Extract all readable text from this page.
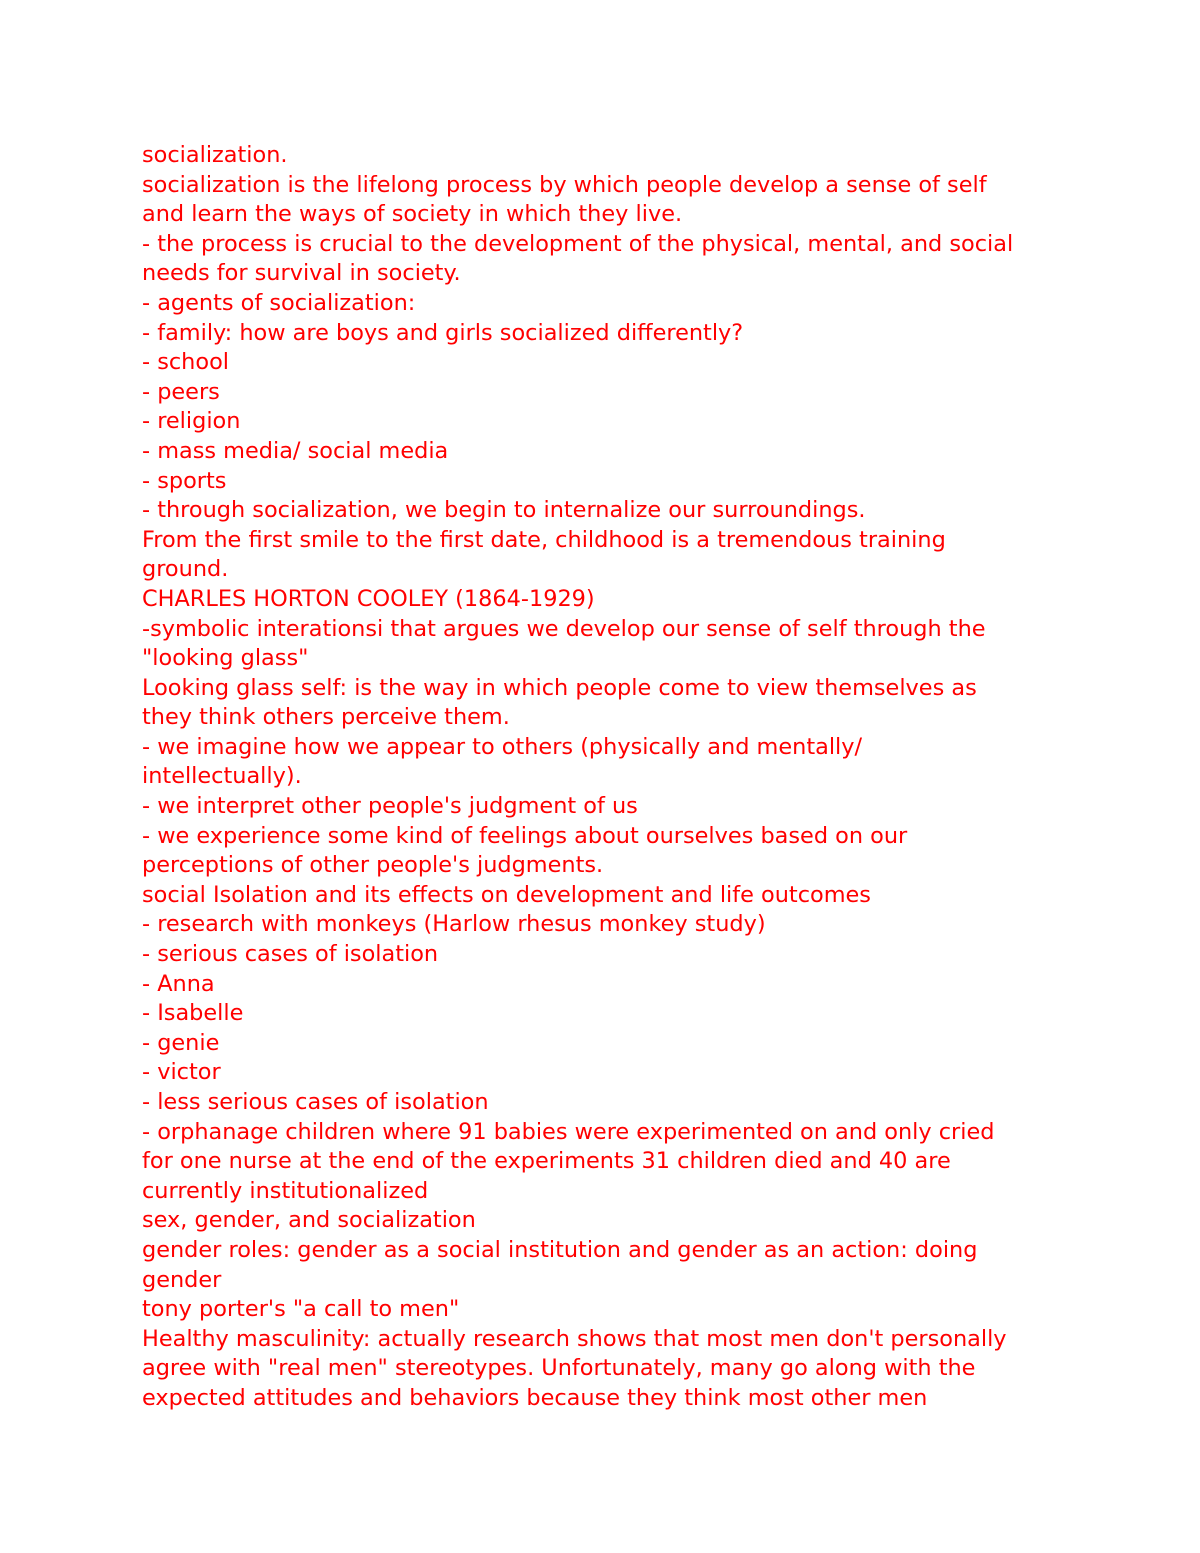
socialization.
socialization is the lifelong process by which people develop a sense of self
and learn the ways of society in which they live.
- the process is crucial to the development of the physical, mental, and social
needs for survival in society.
- agents of socialization:
- family: how are boys and girls socialized differently?
- school
- peers
- religion
- mass media/ social media
- sports
- through socialization, we begin to internalize our surroundings.
From the first smile to the first date, childhood is a tremendous training
ground.
CHARLES HORTON COOLEY (1864-1929)
-symbolic interationsi that argues we develop our sense of self through the
"looking glass"
Looking glass self: is the way in which people come to view themselves as
they think others perceive them.
- we imagine how we appear to others (physically and mentally/
intellectually).
- we interpret other people's judgment of us
- we experience some kind of feelings about ourselves based on our
perceptions of other people's judgments.
social Isolation and its effects on development and life outcomes
- research with monkeys (Harlow rhesus monkey study)
- serious cases of isolation
- Anna
- Isabelle
- genie
- victor
- less serious cases of isolation
- orphanage children where 91 babies were experimented on and only cried
for one nurse at the end of the experiments 31 children died and 40 are
currently institutionalized
sex, gender, and socialization
gender roles: gender as a social institution and gender as an action: doing
gender
tony porter's "a call to men"
Healthy masculinity: actually research shows that most men don't personally
agree with "real men" stereotypes. Unfortunately, many go along with the
expected attitudes and behaviors because they think most other men
